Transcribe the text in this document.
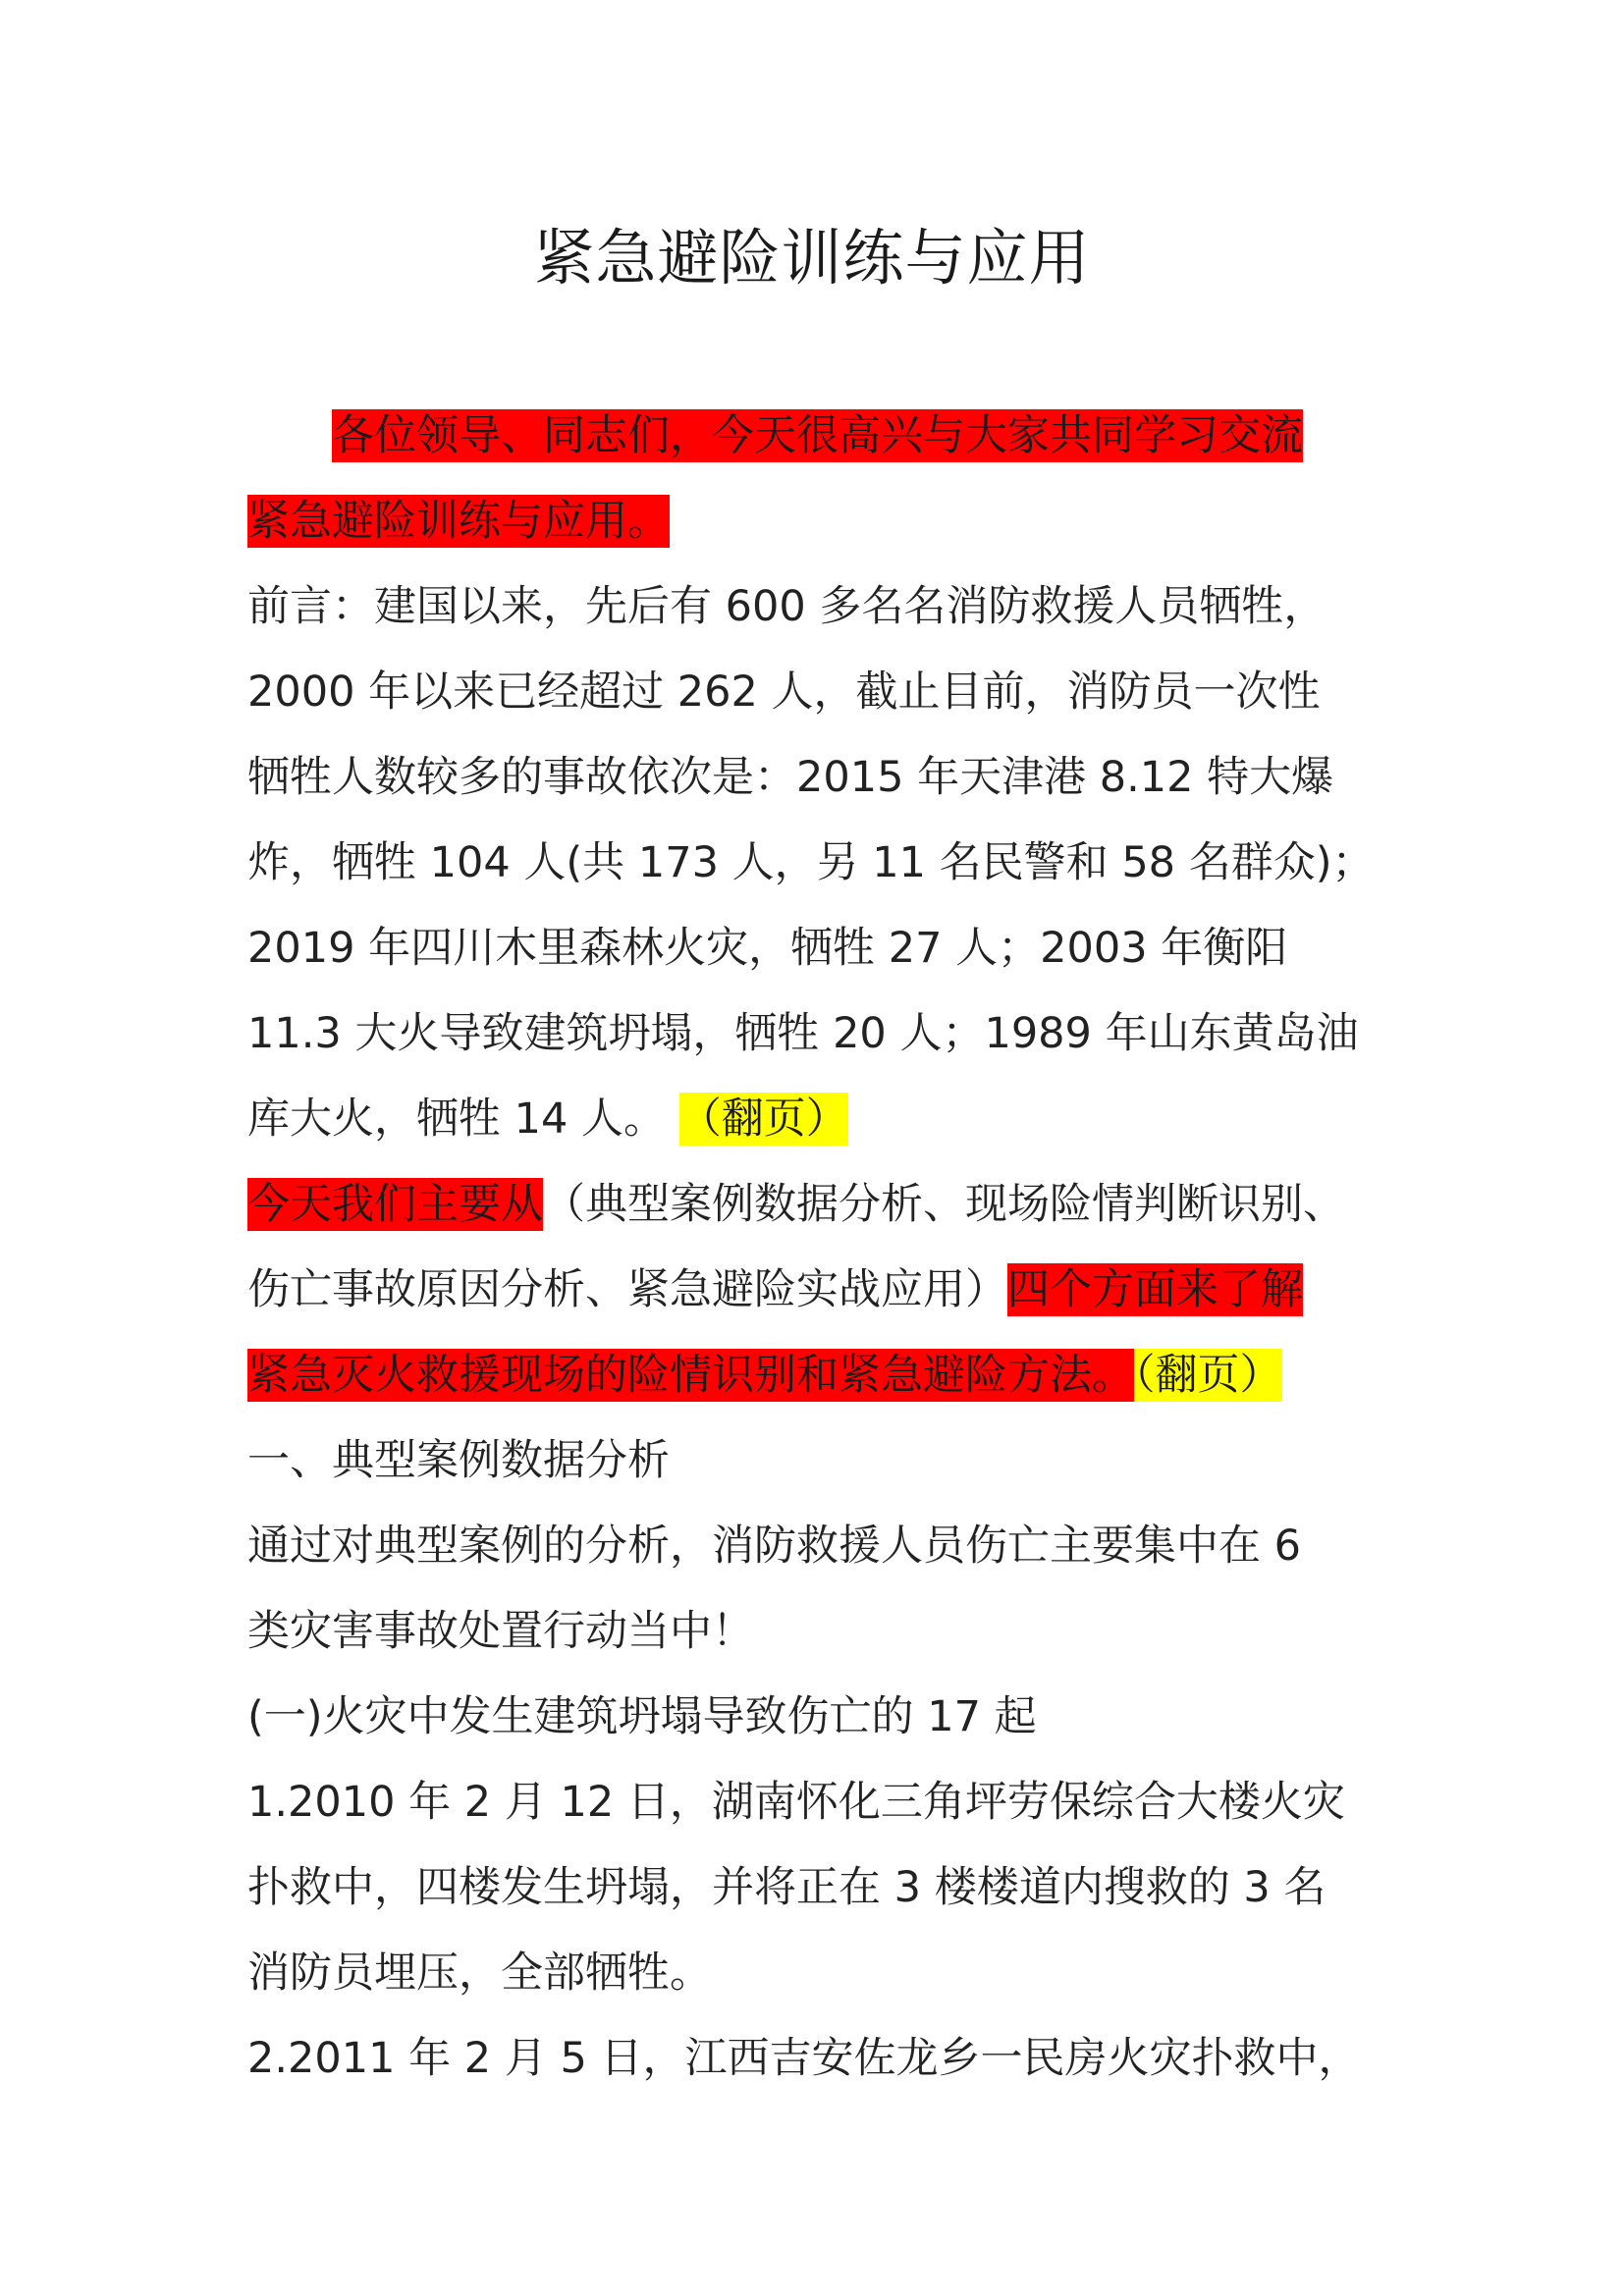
紧急避险训练与应用
各位领导、同志们，今天很高兴与大家共同学习交流
紧急避险训练与应用。
前言：建国以来，先后有 600 多名名消防救援人员牺牲，
2000 年以来已经超过 262 人，截止目前，消防员一次性
牺牲人数较多的事故依次是：2015 年天津港 8.12 特大爆
炸，牺牲 104 人(共 173 人，另 11 名民警和 58 名群众)；
2019 年四川木里森林火灾，牺牲 27 人；2003 年衡阳
11.3 大火导致建筑坍塌，牺牲 20 人；1989 年山东黄岛油
库大火，牺牲 14 人。 （翻页）
今天我们主要从（典型案例数据分析、现场险情判断识别、
伤亡事故原因分析、紧急避险实战应用）四个方面来了解
紧急灭火救援现场的险情识别和紧急避险方法。（翻页）
一、典型案例数据分析
通过对典型案例的分析，消防救援人员伤亡主要集中在 6
类灾害事故处置行动当中！
(一)火灾中发生建筑坍塌导致伤亡的 17 起
1.2010 年 2 月 12 日，湖南怀化三角坪劳保综合大楼火灾
扑救中，四楼发生坍塌，并将正在 3 楼楼道内搜救的 3 名
消防员埋压，全部牺牲。
2.2011 年 2 月 5 日，江西吉安佐龙乡一民房火灾扑救中，
